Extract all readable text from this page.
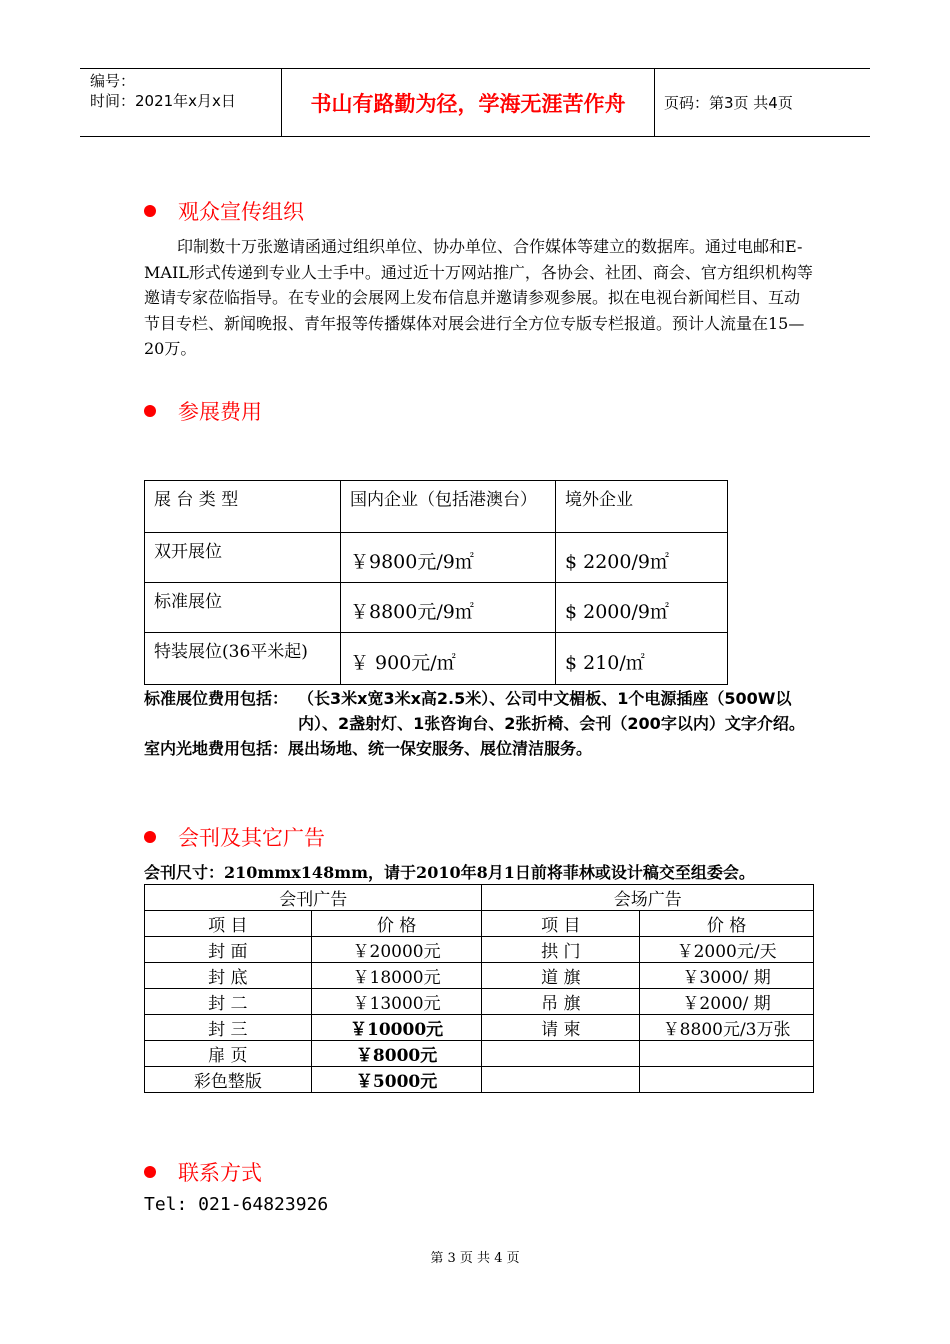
编号：
时间：2021年x月x日	书山有路勤为径，学海无涯苦作舟	页码：第3页 共4页
观众宣传组织

印制数十万张邀请函通过组织单位、协办单位、合作媒体等建立的数据库。通过电邮和E-MAIL形式传递到专业人士手中。通过近十万网站推广，各协会、社团、商会、官方组织机构等邀请专家莅临指导。在专业的会展网上发布信息并邀请参观参展。拟在电视台新闻栏目、互动节目专栏、新闻晚报、青年报等传播媒体对展会进行全方位专版专栏报道。预计人流量在15—20万。

参展费用
展 台 类 型	国内企业（包括港澳台）	境外企业
双开展位	￥9800元/9㎡	$ 2200/9㎡
标准展位	￥8800元/9㎡	$ 2000/9㎡
特装展位(36平米起)	￥ 900元/㎡	$ 210/㎡
标准展位费用包括： （长3米x宽3米x高2.5米）、公司中文楣板、1个电源插座（500W以内）、2盏射灯、1张咨询台、2张折椅、会刊（200字以内）文字介绍。
室内光地费用包括： 展出场地、统一保安服务、展位清洁服务。
会刊及其它广告
会刊尺寸：210mmx148mm，请于2010年8月1日前将菲林或设计稿交至组委会。
会刊广告		会场广告	
项 目	价 格	项 目	价 格
封 面	￥20000元	拱 门	￥2000元/天
封 底	￥18000元	道 旗	￥3000/ 期
封 二	￥13000元	吊 旗	￥2000/ 期
封 三	￥10000元	请 柬	￥8800元/3万张
扉 页	￥8000元		
彩色整版	￥5000元		
联系方式
Tel: 021-64823926
第 3 页 共 4 页
